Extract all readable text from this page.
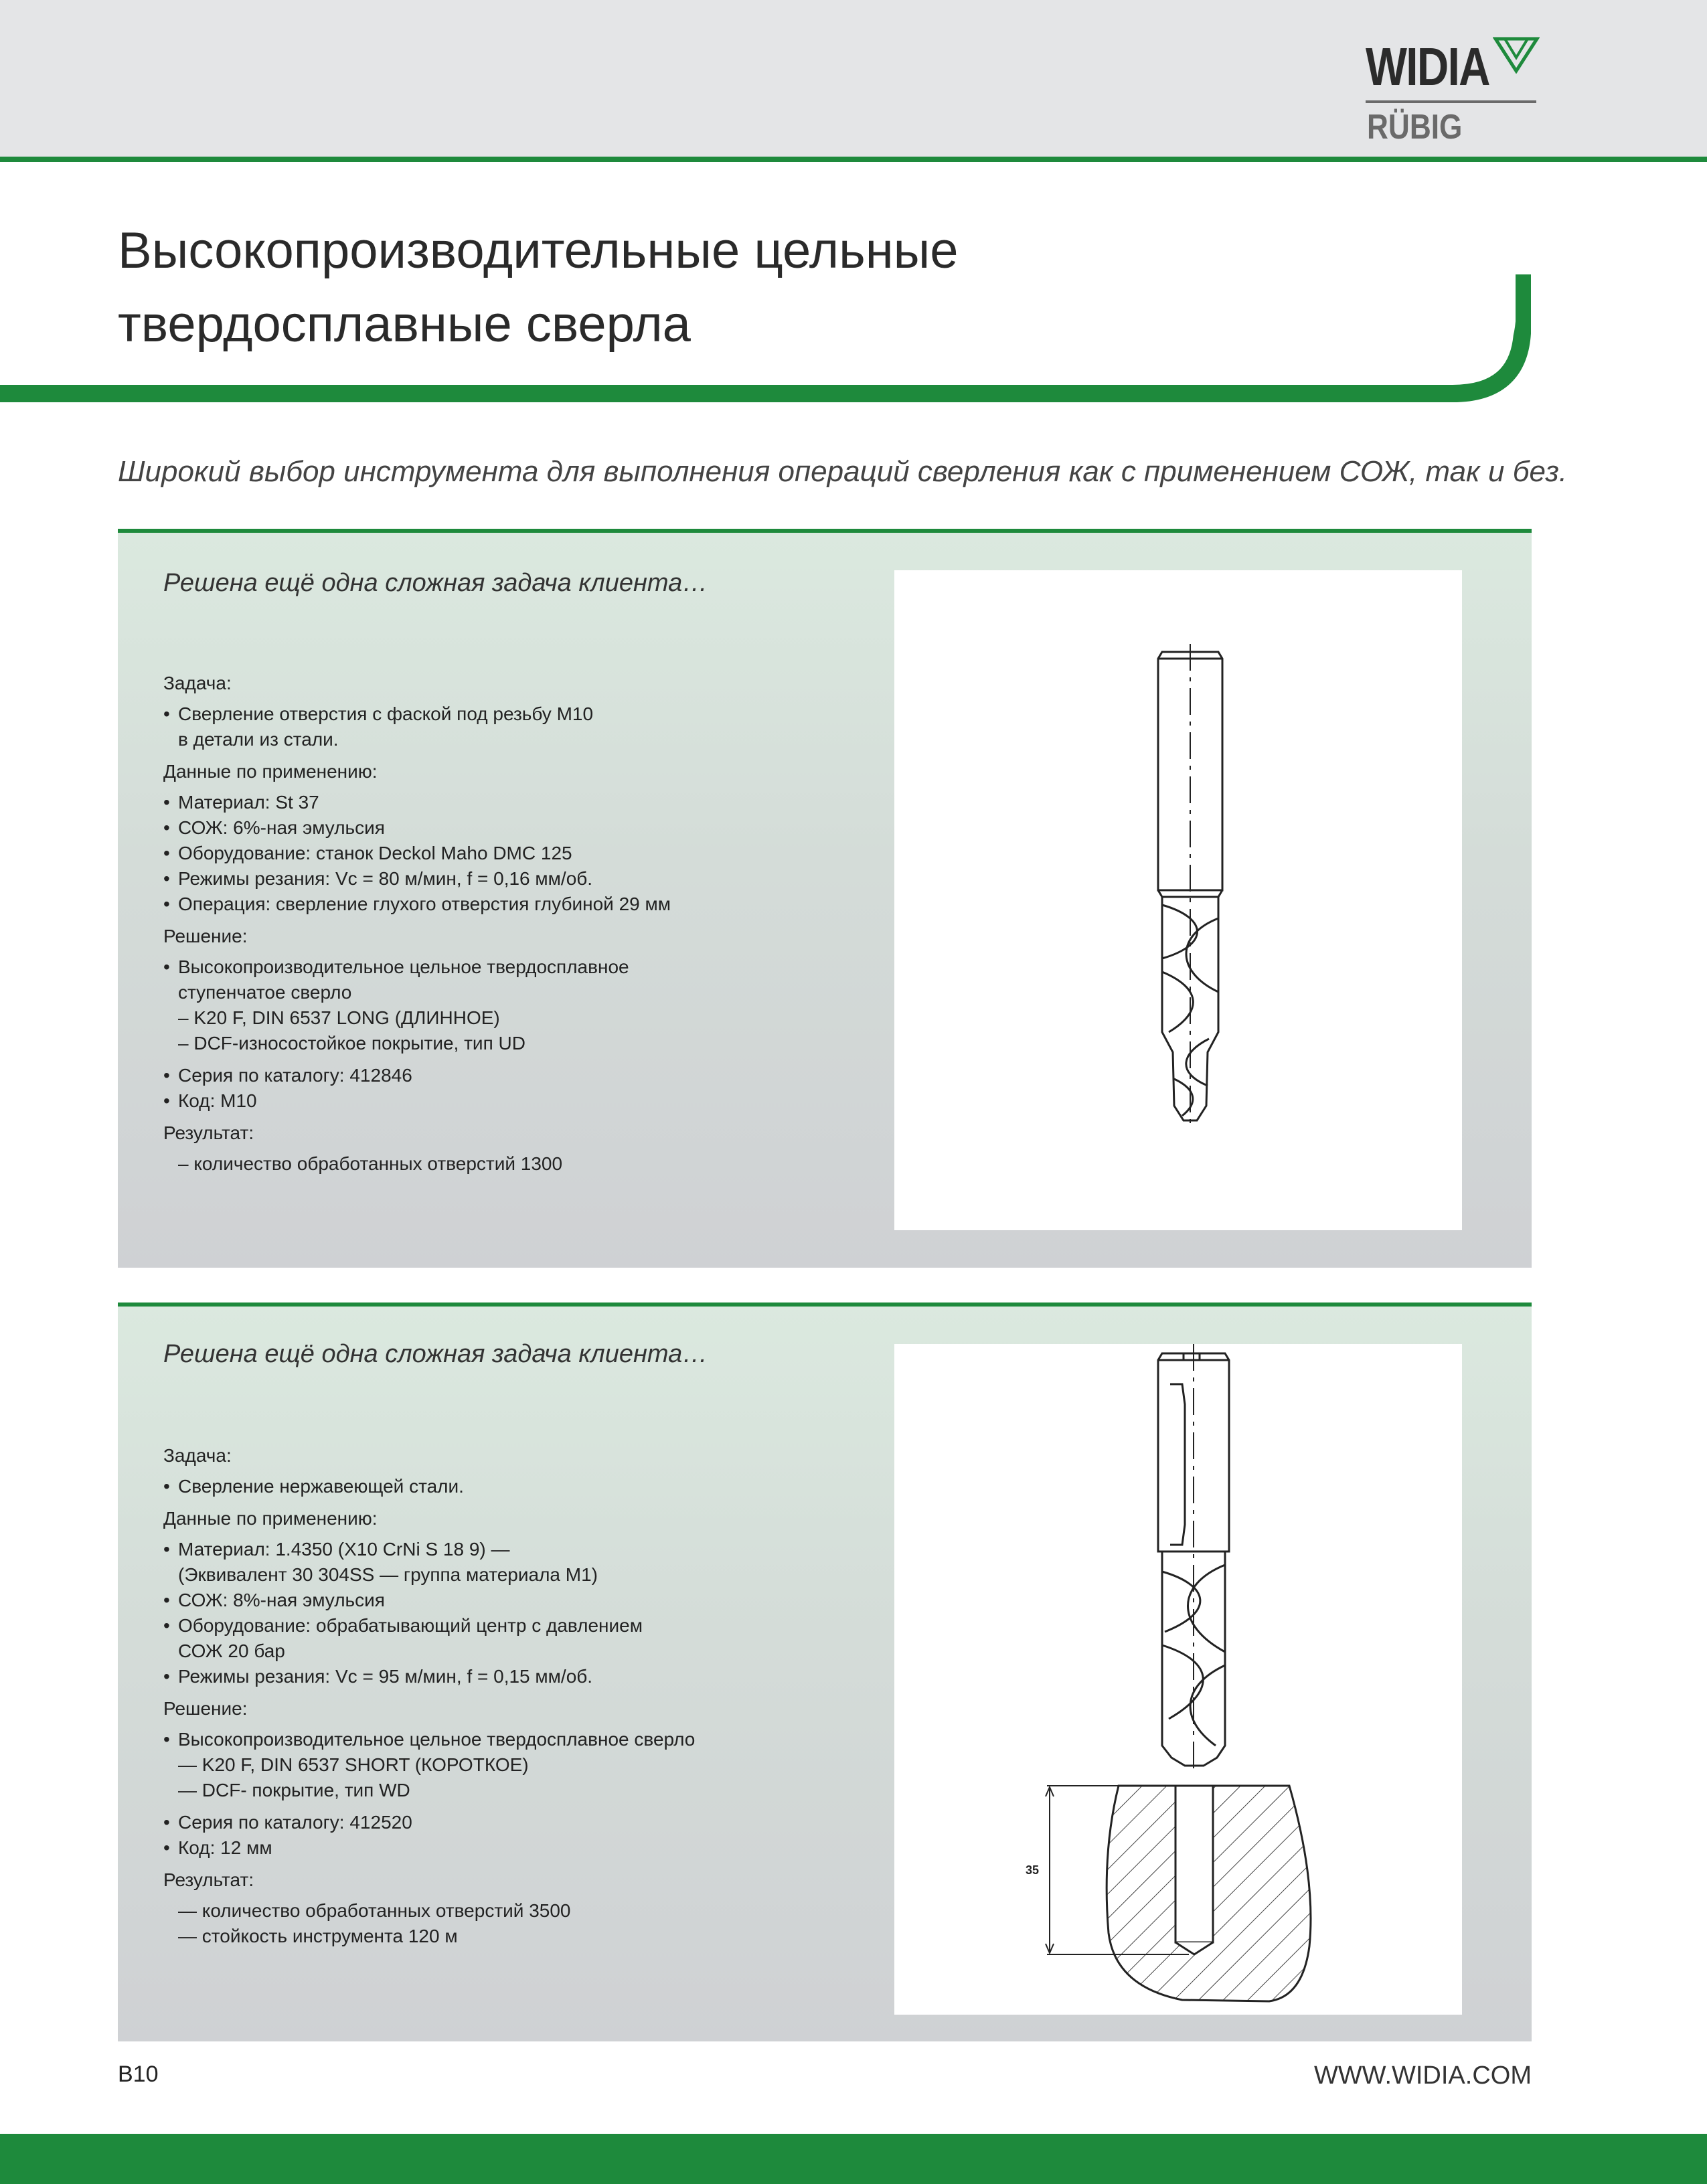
WIDIA
RÜBIG
Высокопроизводительные цельные
твердосплавные сверла
Широкий выбор инструмента для выполнения операций сверления как с применением СОЖ, так и без.
Решена ещё одна сложная задача клиента…

Задача:

• Сверление отверстия с фаской под резьбу М10
в детали из стали.

Данные по применению:

• Материал: St 37
• СОЖ: 6%-ная эмульсия
• Оборудование: станок Deckol Maho DMC 125
• Режимы резания: Vc = 80 м/мин, f = 0,16 мм/об.
• Операция: сверление глухого отверстия глубиной 29 мм

Решение:

• Высокопроизводительное цельное твердосплавное
ступенчатое сверло
– K20 F, DIN 6537 LONG (ДЛИННОЕ)
– DCF-износостойкое покрытие, тип UD
• Серия по каталогу: 412846
• Код: M10

Результат:

– количество обработанных отверстий 1300
Решена ещё одна сложная задача клиента…

Задача:

• Сверление нержавеющей стали.

Данные по применению:

• Материал: 1.4350 (X10 CrNi S 18 9) —
(Эквивалент 30 304SS — группа материала M1)
• СОЖ: 8%-ная эмульсия
• Оборудование: обрабатывающий центр с давлением
СОЖ 20 бар
• Режимы резания: Vc = 95 м/мин, f = 0,15 мм/об.

Решение:

• Высокопроизводительное цельное твердосплавное сверло
— K20 F, DIN 6537 SHORT (КОРОТКОЕ)
— DCF- покрытие, тип WD
• Серия по каталогу: 412520
• Код: 12 мм

Результат:

— количество обработанных отверстий 3500
— стойкость инструмента 120 м
35
B10	WWW.WIDIA.COM
